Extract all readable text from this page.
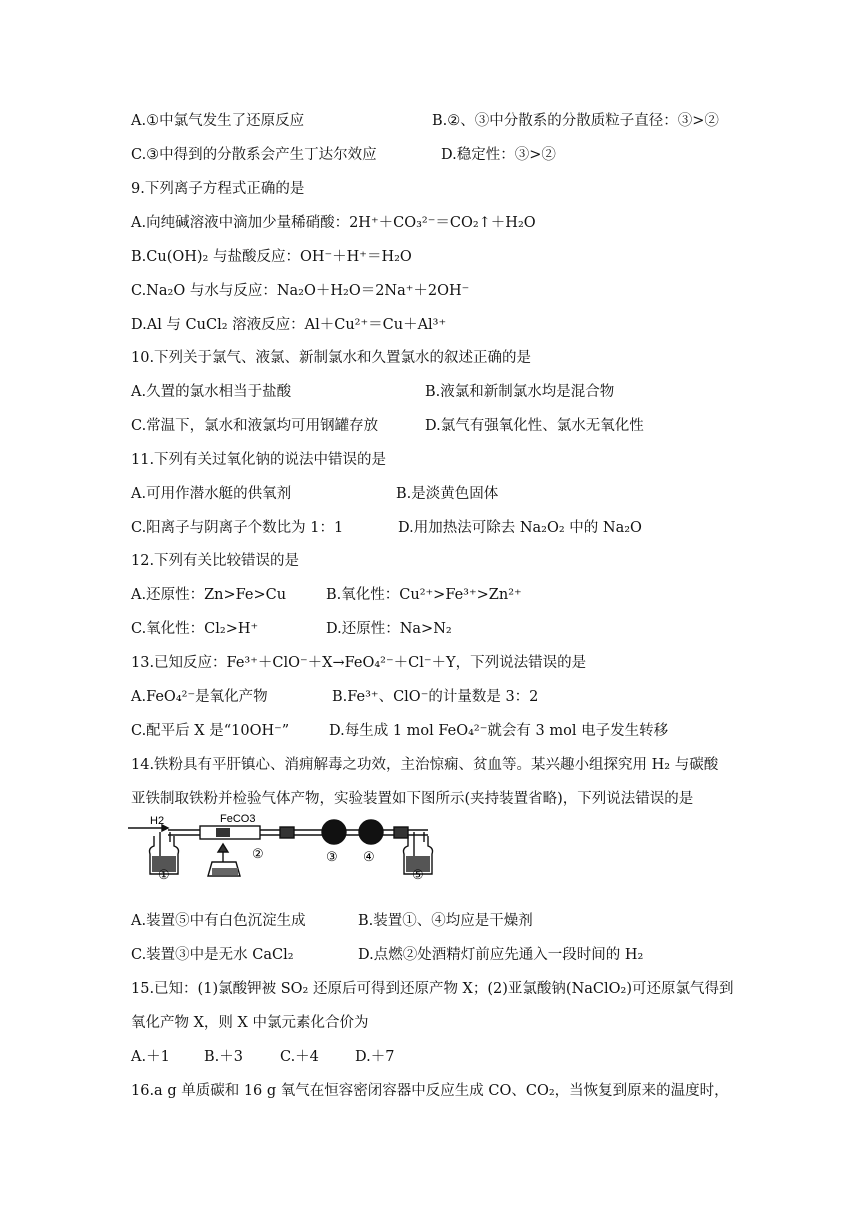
A.①中氯气发生了还原反应	B.②、③中分散系的分散质粒子直径：③>②
C.③中得到的分散系会产生丁达尔效应	D.稳定性：③>②
9.下列离子方程式正确的是
A.向纯碱溶液中滴加少量稀硝酸：2H⁺＋CO₃²⁻＝CO₂↑＋H₂O
B.Cu(OH)₂ 与盐酸反应：OH⁻＋H⁺＝H₂O
C.Na₂O 与水与反应：Na₂O＋H₂O＝2Na⁺＋2OH⁻
D.Al 与 CuCl₂ 溶液反应：Al＋Cu²⁺＝Cu＋Al³⁺
10.下列关于氯气、液氯、新制氯水和久置氯水的叙述正确的是
A.久置的氯水相当于盐酸	B.液氯和新制氯水均是混合物
C.常温下，氯水和液氯均可用钢罐存放	D.氯气有强氧化性、氯水无氧化性
11.下列有关过氧化钠的说法中错误的是
A.可用作潜水艇的供氧剂	B.是淡黄色固体
C.阳离子与阴离子个数比为 1：1	D.用加热法可除去 Na₂O₂ 中的 Na₂O
12.下列有关比较错误的是
A.还原性：Zn>Fe>Cu	B.氧化性：Cu²⁺>Fe³⁺>Zn²⁺
C.氧化性：Cl₂>H⁺	D.还原性：Na>N₂
13.已知反应：Fe³⁺＋ClO⁻＋X→FeO₄²⁻＋Cl⁻＋Y，下列说法错误的是
A.FeO₄²⁻是氧化产物	B.Fe³⁺、ClO⁻的计量数是 3：2
C.配平后 X 是“10OH⁻”	D.每生成 1 mol FeO₄²⁻就会有 3 mol 电子发生转移
14.铁粉具有平肝镇心、消痈解毒之功效，主治惊痫、贫血等。某兴趣小组探究用 H₂ 与碳酸
亚铁制取铁粉并检验气体产物，实验装置如下图所示(夹持装置省略)，下列说法错误的是
H2	FeCO3
①
②	③ ④
⑤
A.装置⑤中有白色沉淀生成	B.装置①、④均应是干燥剂
C.装置③中是无水 CaCl₂	D.点燃②处酒精灯前应先通入一段时间的 H₂
15.已知：(1)氯酸钾被 SO₂ 还原后可得到还原产物 X；(2)亚氯酸钠(NaClO₂)可还原氯气得到
氧化产物 X，则 X 中氯元素化合价为
A.＋1 B.＋3	C.＋4 D.＋7
16.a g 单质碳和 16 g 氧气在恒容密闭容器中反应生成 CO、CO₂，当恢复到原来的温度时，
